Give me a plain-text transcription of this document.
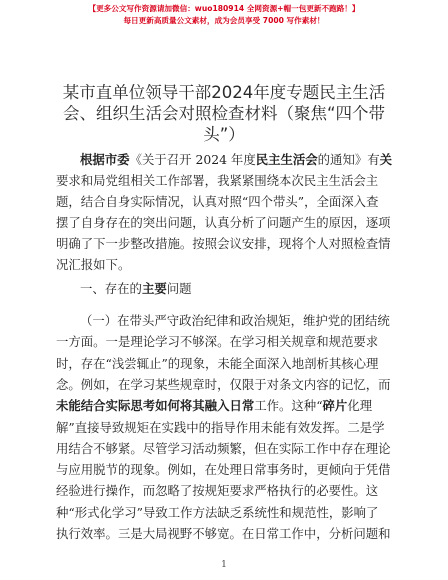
【更多公文写作资源请加微信：wuo180914 全网资源+帽一包更新不跑路！】
每日更新高质量公文素材，成为会员享受 7000 写作素材！
某市直单位领导干部2024年度专题民主生活
会、组织生活会对照检查材料（聚焦“四个带
头”）
根据市委《关于召开 2024 年度民主生活会的通知》有关
要求和局党组相关工作部署，我紧紧围绕本次民主生活会主
题，结合自身实际情况，认真对照“四个带头”，全面深入查
摆了自身存在的突出问题，认真分析了问题产生的原因，逐项
明确了下一步整改措施。按照会议安排，现将个人对照检查情
况汇报如下。
一、存在的主要问题
（一）在带头严守政治纪律和政治规矩，维护党的团结统
一方面。一是理论学习不够深。在学习相关规章和规范要求
时，存在“浅尝辄止”的现象，未能全面深入地剖析其核心理
念。例如，在学习某些规章时，仅限于对条文内容的记忆，而
未能结合实际思考如何将其融入日常工作。这种“碎片化理
解”直接导致规矩在实践中的指导作用未能有效发挥。二是学
用结合不够紧。尽管学习活动频繁，但在实际工作中存在理论
与应用脱节的现象。例如，在处理日常事务时，更倾向于凭借
经验进行操作，而忽略了按规矩要求严格执行的必要性。这
种“形式化学习”导致工作方法缺乏系统性和规范性，影响了
执行效率。三是大局视野不够宽。在日常工作中，分析问题和
1
